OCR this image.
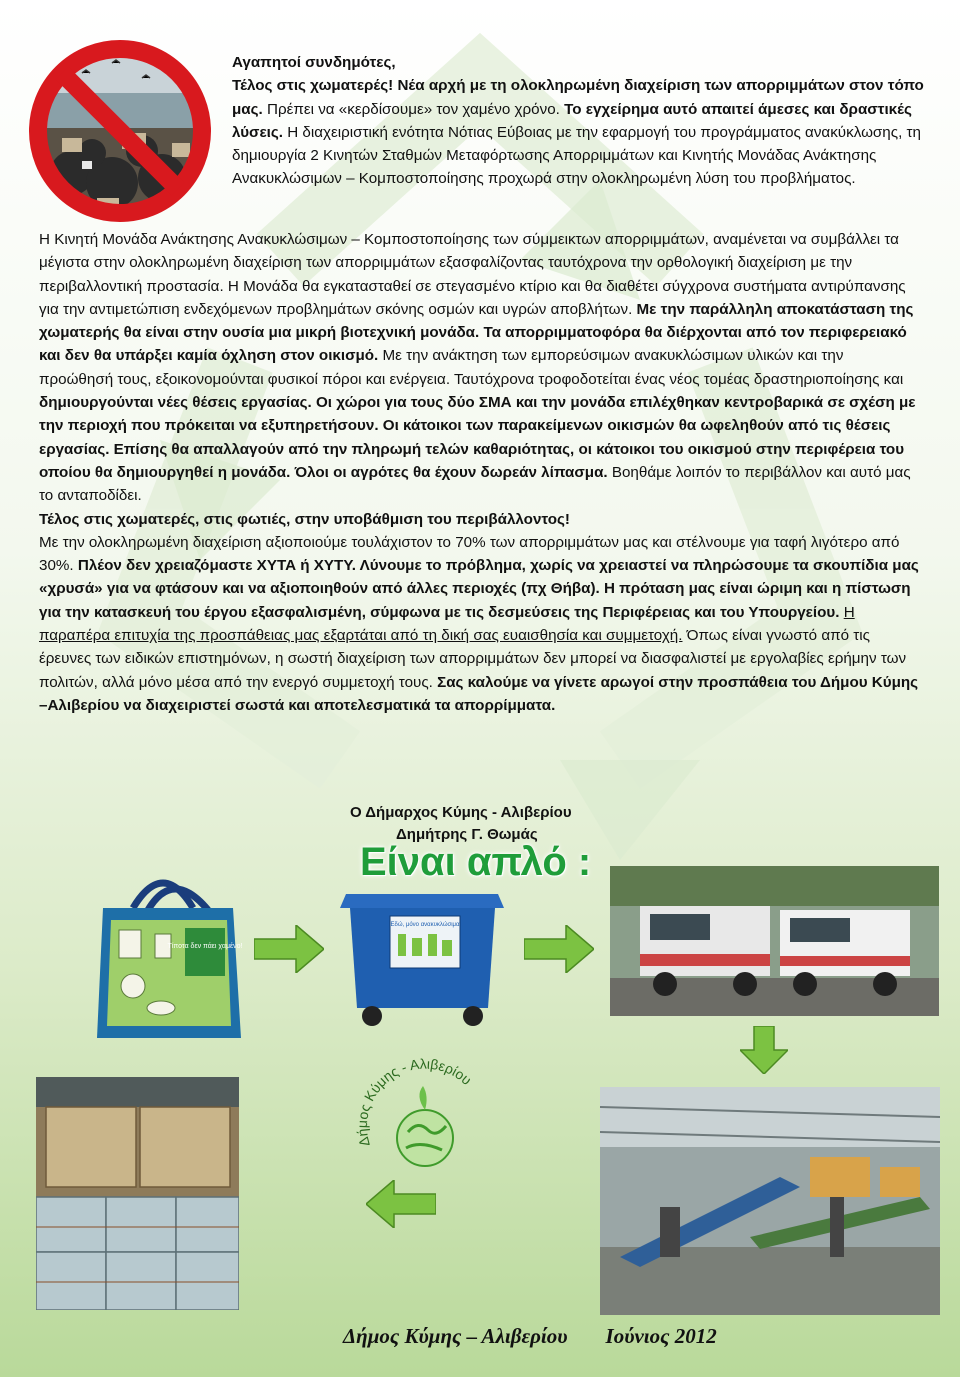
Αγαπητοί συνδημότες,
Τέλος στις χωματερές! Νέα αρχή με τη ολοκληρωμένη διαχείριση των απορριμμάτων στον τόπο μας. Πρέπει να «κερδίσουμε» τον χαμένο χρόνο. Το εγχείρημα αυτό απαιτεί άμεσες και δραστικές λύσεις. Η διαχειριστική ενότητα Νότιας Εύβοιας με την εφαρμογή του προγράμματος ανακύκλωσης, τη δημιουργία 2 Κινητών Σταθμών Μεταφόρτωσης Απορριμμάτων και Κινητής Μονάδας Ανάκτησης Ανακυκλώσιμων – Κομποστοποίησης προχωρά στην ολοκληρωμένη λύση του προβλήματος.
Η Κινητή Μονάδα Ανάκτησης Ανακυκλώσιμων – Κομποστοποίησης των σύμμεικτων απορριμμάτων, αναμένεται να συμβάλλει τα μέγιστα στην ολοκληρωμένη διαχείριση των απορριμμάτων εξασφαλίζοντας ταυτόχρονα την ορθολογική διαχείριση με την περιβαλλοντική προστασία. Η Μονάδα θα εγκατασταθεί σε στεγασμένο κτίριο και θα διαθέτει σύγχρονα συστήματα αντιρύπανσης για την αντιμετώπιση ενδεχόμενων προβλημάτων σκόνης οσμών και υγρών αποβλήτων. Με την παράλληλη αποκατάσταση της χωματερής θα είναι στην ουσία μια μικρή βιοτεχνική μονάδα. Τα απορριμματοφόρα θα διέρχονται από τον περιφερειακό και δεν θα υπάρξει καμία όχληση στον οικισμό. Με την ανάκτηση των εμπορεύσιμων ανακυκλώσιμων υλικών και την προώθησή τους, εξοικονομούνται φυσικοί πόροι και ενέργεια. Ταυτόχρονα τροφοδοτείται ένας νέος τομέας δραστηριοποίησης και δημιουργούνται νέες θέσεις εργασίας. Οι χώροι για τους δύο ΣΜΑ και την μονάδα επιλέχθηκαν κεντροβαρικά σε σχέση με την περιοχή που πρόκειται να εξυπηρετήσουν. Οι κάτοικοι των παρακείμενων οικισμών θα ωφεληθούν από τις θέσεις εργασίας. Επίσης θα απαλλαγούν από την πληρωμή τελών καθαριότητας, οι κάτοικοι του οικισμού στην περιφέρεια του οποίου θα δημιουργηθεί η μονάδα. Όλοι οι αγρότες θα έχουν δωρεάν λίπασμα. Βοηθάμε λοιπόν το περιβάλλον και αυτό μας το ανταποδίδει.
Τέλος στις χωματερές, στις φωτιές, στην υποβάθμιση του περιβάλλοντος!
Με την ολοκληρωμένη διαχείριση αξιοποιούμε τουλάχιστον το 70% των απορριμμάτων μας και στέλνουμε για ταφή λιγότερο από 30%. Πλέον δεν χρειαζόμαστε ΧΥΤΑ ή ΧΥΤΥ. Λύνουμε το πρόβλημα, χωρίς να χρειαστεί να πληρώσουμε τα σκουπίδια μας «χρυσά» για να φτάσουν και να αξιοποιηθούν από άλλες περιοχές (πχ Θήβα). Η πρόταση μας είναι ώριμη και η πίστωση για την κατασκευή του έργου εξασφαλισμένη, σύμφωνα με τις δεσμεύσεις της Περιφέρειας και του Υπουργείου. Η παραπέρα επιτυχία της προσπάθειας μας εξαρτάται από τη δική σας ευαισθησία και συμμετοχή. Όπως είναι γνωστό από τις έρευνες των ειδικών επιστημόνων, η σωστή διαχείριση των απορριμμάτων δεν μπορεί να διασφαλιστεί με εργολαβίες ερήμην των πολιτών, αλλά μόνο μέσα από την ενεργό συμμετοχή τους. Σας καλούμε να γίνετε αρωγοί στην προσπάθεια του Δήμου Κύμης –Αλιβερίου να διαχειριστεί σωστά και αποτελεσματικά τα απορρίμματα.
Ο Δήμαρχος Κύμης - Αλιβερίου
Δημήτρης Γ. Θωμάς
Είναι απλό :
Τίποτα δεν πάει χαμένο!
Εδώ, μόνο ανακυκλώσιμα
Δήμος Κύμης - Αλιβερίου
Δήμος Κύμης – Αλιβερίου Ιούνιος 2012
